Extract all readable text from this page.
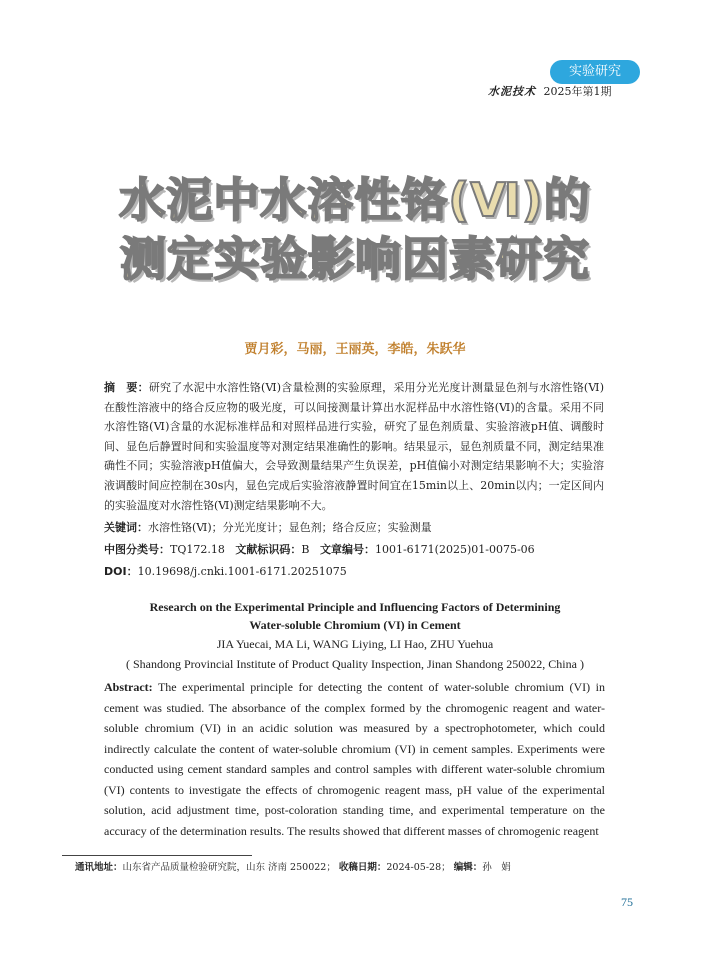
实验研究
水泥技术 2025年第1期
水泥中水溶性铬(Ⅵ)的
测定实验影响因素研究
贾月彩，马丽，王丽英，李皓，朱跃华
摘　要：研究了水泥中水溶性铬(Ⅵ)含量检测的实验原理，采用分光光度计测量显色剂与水溶性铬(Ⅵ)在酸性溶液中的络合反应物的吸光度，可以间接测量计算出水泥样品中水溶性铬(Ⅵ)的含量。采用不同水溶性铬(Ⅵ)含量的水泥标准样品和对照样品进行实验，研究了显色剂质量、实验溶液pH值、调酸时间、显色后静置时间和实验温度等对测定结果准确性的影响。结果显示，显色剂质量不同，测定结果准确性不同；实验溶液pH值偏大，会导致测量结果产生负误差，pH值偏小对测定结果影响不大；实验溶液调酸时间应控制在30s内，显色完成后实验溶液静置时间宜在15min以上、20min以内；一定区间内的实验温度对水溶性铬(Ⅵ)测定结果影响不大。
关键词：水溶性铬(Ⅵ)；分光光度计；显色剂；络合反应；实验测量
中图分类号：TQ172.18 文献标识码：B 文章编号：1001-6171(2025)01-0075-06
DOI：10.19698/j.cnki.1001-6171.20251075
Research on the Experimental Principle and Influencing Factors of Determining
Water-soluble Chromium (VI) in Cement
JIA Yuecai, MA Li, WANG Liying, LI Hao, ZHU Yuehua
( Shandong Provincial Institute of Product Quality Inspection, Jinan Shandong 250022, China )
Abstract: The experimental principle for detecting the content of water-soluble chromium (VI) in cement was studied. The absorbance of the complex formed by the chromogenic reagent and water-soluble chromium (VI) in an acidic solution was measured by a spectrophotometer, which could indirectly calculate the content of water-soluble chromium (VI) in cement samples. Experiments were conducted using cement standard samples and control samples with different water-soluble chromium (VI) contents to investigate the effects of chromogenic reagent mass, pH value of the experimental solution, acid adjustment time, post-coloration standing time, and experimental temperature on the accuracy of the determination results. The results showed that different masses of chromogenic reagent
通讯地址：山东省产品质量检验研究院，山东 济南 250022； 收稿日期：2024-05-28； 编辑：孙　娟
75
